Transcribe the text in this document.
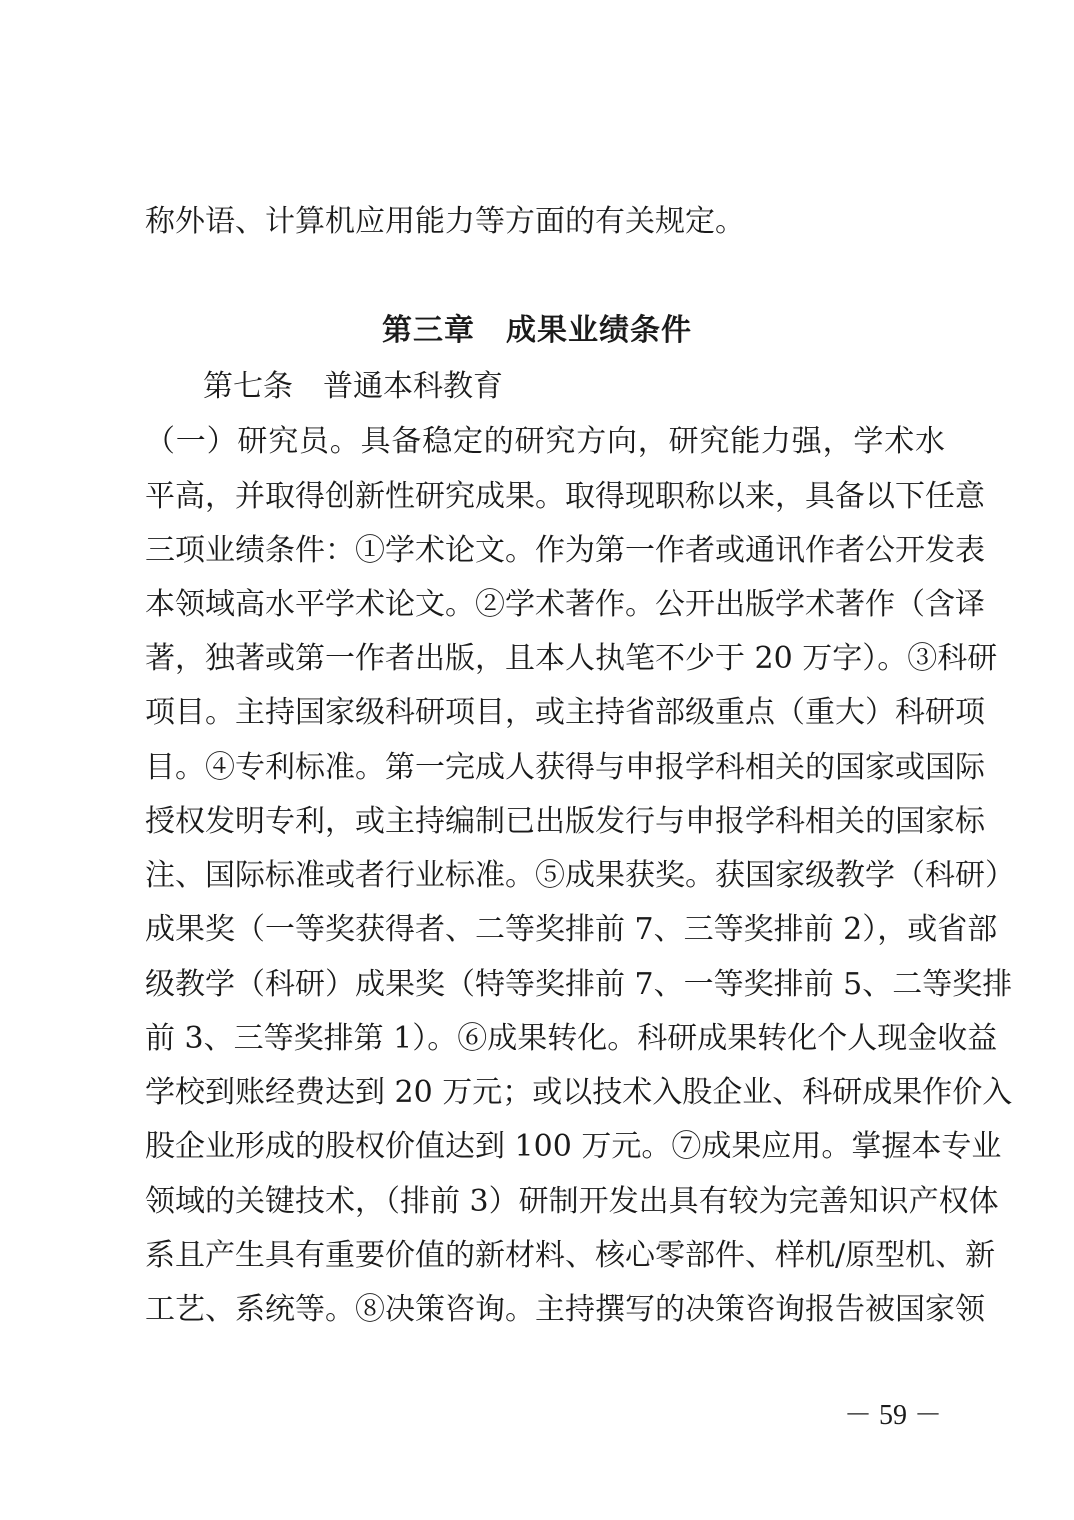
称外语、计算机应用能力等方面的有关规定。
第三章　成果业绩条件
第七条 普通本科教育
（一）研究员。具备稳定的研究方向，研究能力强，学术水
平高，并取得创新性研究成果。取得现职称以来，具备以下任意
三项业绩条件：①学术论文。作为第一作者或通讯作者公开发表
本领域高水平学术论文。②学术著作。公开出版学术著作（含译
著，独著或第一作者出版，且本人执笔不少于 20 万字）。③科研
项目。主持国家级科研项目，或主持省部级重点（重大）科研项
目。④专利标准。第一完成人获得与申报学科相关的国家或国际
授权发明专利，或主持编制已出版发行与申报学科相关的国家标
注、国际标准或者行业标准。⑤成果获奖。获国家级教学（科研）
成果奖（一等奖获得者、二等奖排前 7、三等奖排前 2），或省部
级教学（科研）成果奖（特等奖排前 7、一等奖排前 5、二等奖排
前 3、三等奖排第 1）。⑥成果转化。科研成果转化个人现金收益
学校到账经费达到 20 万元；或以技术入股企业、科研成果作价入
股企业形成的股权价值达到 100 万元。⑦成果应用。掌握本专业
领域的关键技术，（排前 3）研制开发出具有较为完善知识产权体
系且产生具有重要价值的新材料、核心零部件、样机/原型机、新
工艺、系统等。⑧决策咨询。主持撰写的决策咨询报告被国家领
－ 59 －
